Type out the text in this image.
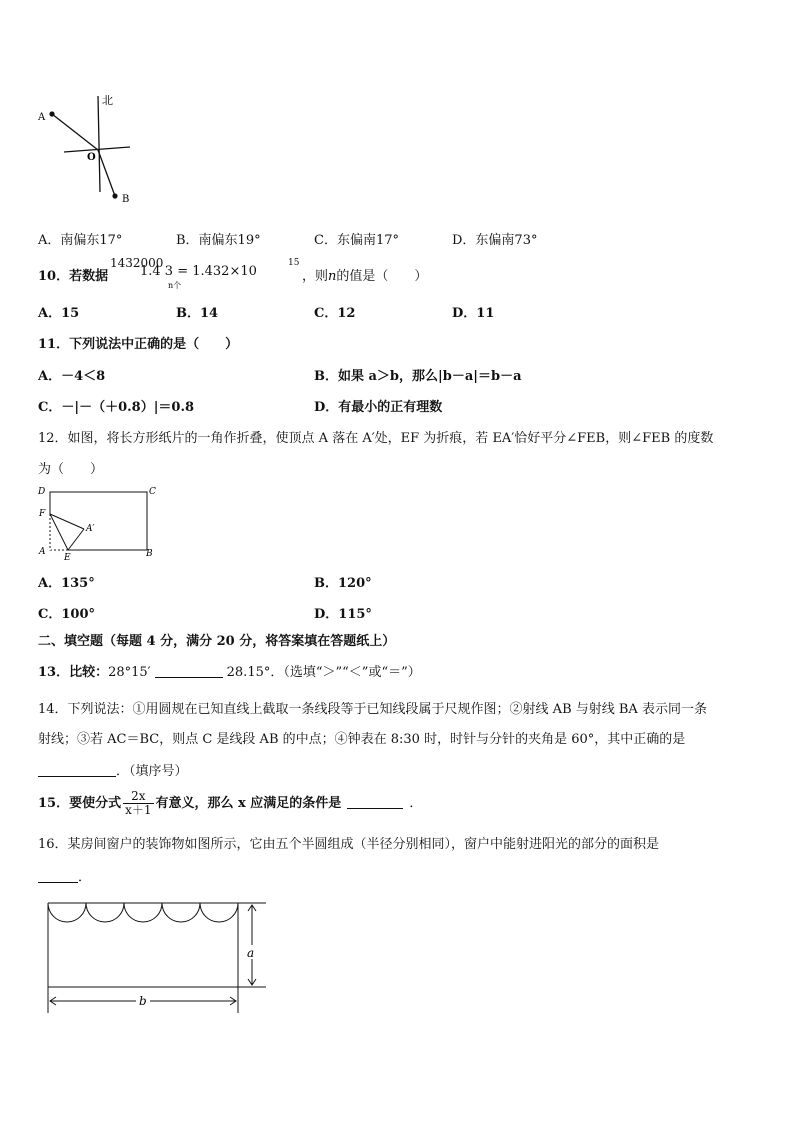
北
A
O
B
A．南偏东17°	B．南偏东19°	C．东偏南17°	D．东偏南73°
10．若数据
1432000
1.4 3 = 1.432×10
15
n个
，则n的值是（　　）
A．15	B．14	C．12	D．11
11．下列说法中正确的是（　　）
A．－4＜8	B．如果 a＞b，那么|b－a|＝b－a
C．－|－（＋0.8）|＝0.8	D．有最小的正有理数
12．如图，将长方形纸片的一角作折叠，使顶点 A 落在 A′处，EF 为折痕，若 EA′恰好平分∠FEB，则∠FEB 的度数
为（　　）
D	C
F
A′
A
E	B
A．135°	B．120°
C．100°	D．115°
二、填空题（每题 4 分，满分 20 分，将答案填在答题纸上）
13．比较：28°15′	28.15°．（选填“＞”“＜”或“＝”）
14．下列说法：①用圆规在已知直线上截取一条线段等于已知线段属于尺规作图；②射线 AB 与射线 BA 表示同一条
射线；③若 AC＝BC，则点 C 是线段 AB 的中点；④钟表在 8:30 时，时针与分针的夹角是 60°，其中正确的是
．（填序号）
15．要使分式 $\frac{2x}{x+1}$ 有意义，那么 x 应满足的条件是	．
16．某房间窗户的装饰物如图所示，它由五个半圆组成（半径分别相同），窗户中能射进阳光的部分的面积是
．
a
b
